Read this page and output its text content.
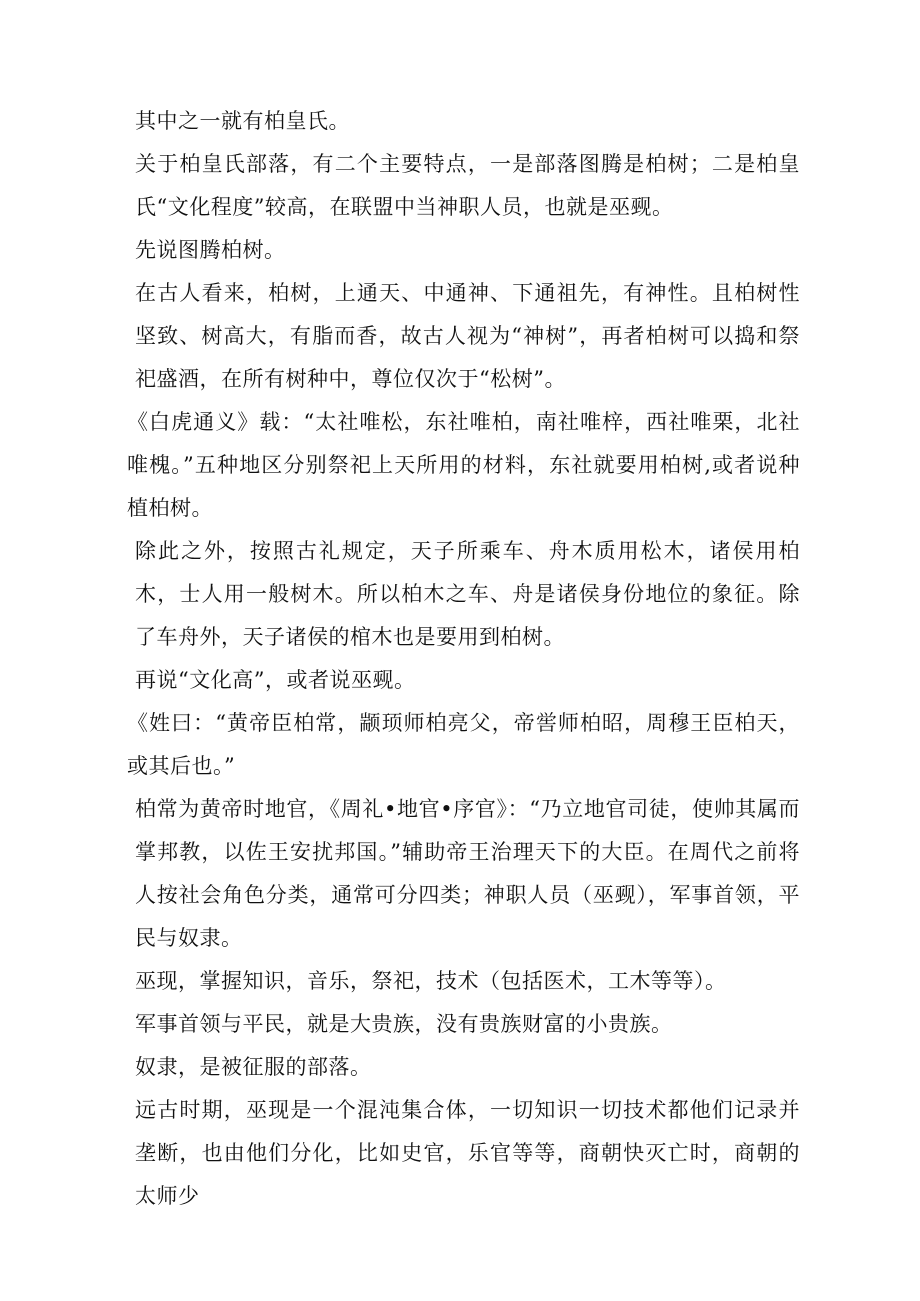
其中之一就有柏皇氏。

关于柏皇氏部落，有二个主要特点，一是部落图腾是柏树；二是柏皇氏“文化程度”较高，在联盟中当神职人员，也就是巫觋。

先说图腾柏树。

在古人看来，柏树，上通天、中通神、下通祖先，有神性。且柏树性坚致、树高大，有脂而香，故古人视为“神树”，再者柏树可以捣和祭祀盛酒，在所有树种中，尊位仅次于“松树”。

《白虎通义》载：“太社唯松，东社唯柏，南社唯梓，西社唯栗，北社唯槐。”五种地区分别祭祀上天所用的材料，东社就要用柏树,或者说种植柏树。

除此之外，按照古礼规定，天子所乘车、舟木质用松木，诸侯用柏木，士人用一般树木。所以柏木之车、舟是诸侯身份地位的象征。除了车舟外，天子诸侯的棺木也是要用到柏树。

再说“文化高”，或者说巫觋。

《姓曰：“黄帝臣柏常，颛顼师柏亮父，帝喾师柏昭，周穆王臣柏天，或其后也。”

柏常为黄帝时地官，《周礼•地官•序官》：“乃立地官司徒，使帅其属而掌邦教，以佐王安扰邦国。”辅助帝王治理天下的大臣。在周代之前将人按社会角色分类，通常可分四类；神职人员（巫觋），军事首领，平民与奴隶。

巫现，掌握知识，音乐，祭祀，技术（包括医术，工木等等）。

军事首领与平民，就是大贵族，没有贵族财富的小贵族。

奴隶，是被征服的部落。

远古时期，巫现是一个混沌集合体，一切知识一切技术都他们记录并垄断，也由他们分化，比如史官，乐官等等，商朝快灭亡时，商朝的太师少
